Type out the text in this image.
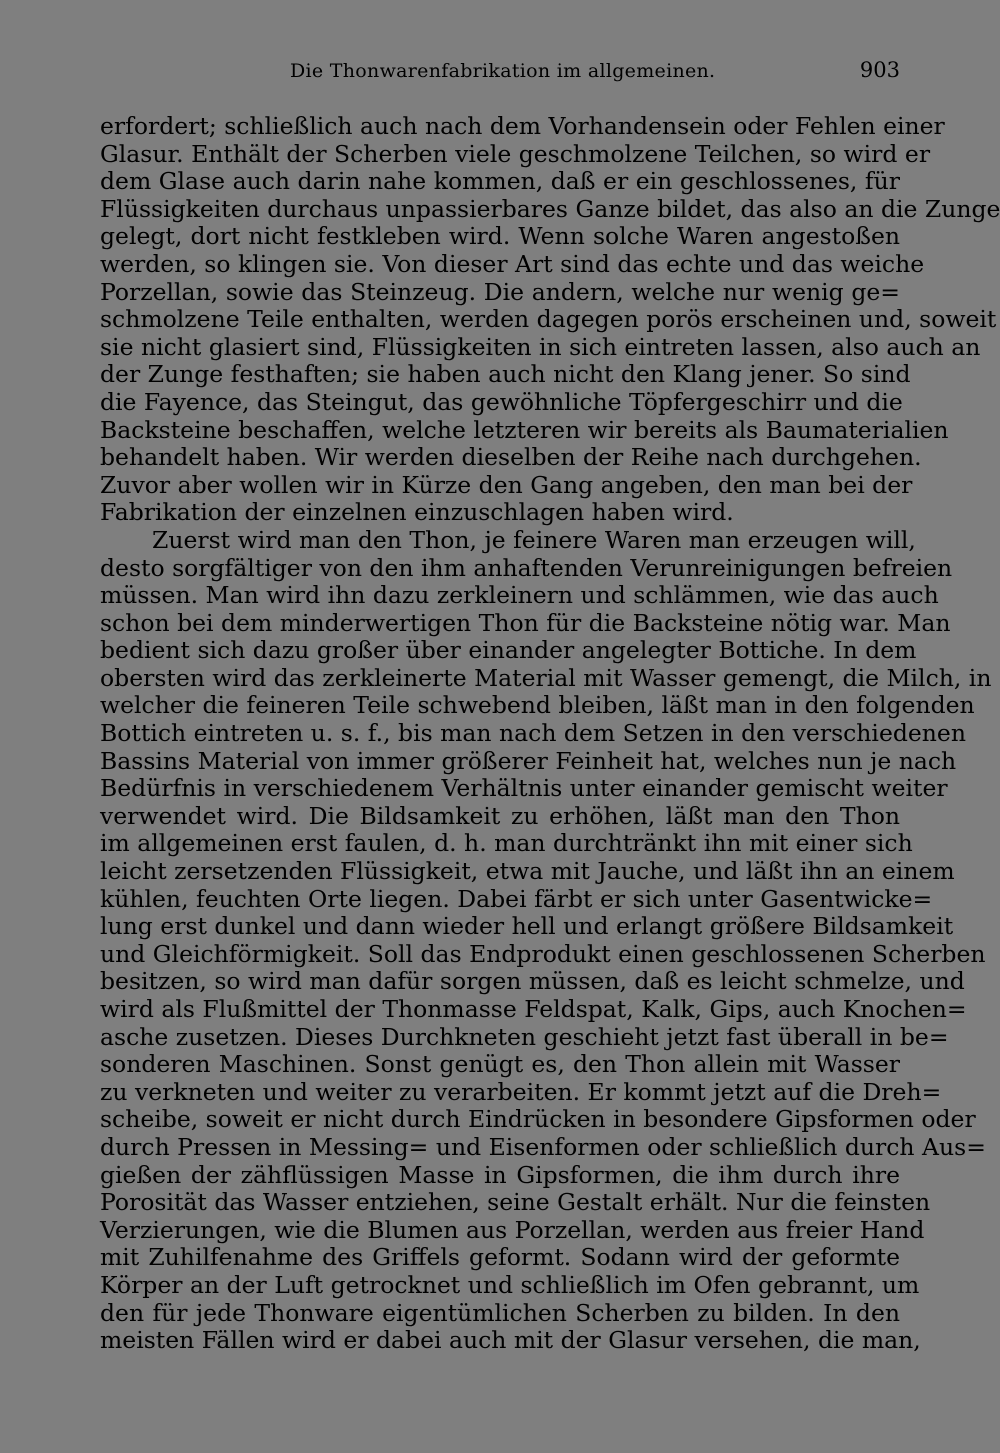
Die Thonwarenfabrikation im allgemeinen.	903
erfordert; schließlich auch nach dem Vorhandensein oder Fehlen einer
Glasur. Enthält der Scherben viele geschmolzene Teilchen, so wird er
dem Glase auch darin nahe kommen, daß er ein geschlossenes, für
Flüssigkeiten durchaus unpassierbares Ganze bildet, das also an die Zunge
gelegt, dort nicht festkleben wird. Wenn solche Waren angestoßen
werden, so klingen sie. Von dieser Art sind das echte und das weiche
Porzellan, sowie das Steinzeug. Die andern, welche nur wenig ge=
schmolzene Teile enthalten, werden dagegen porös erscheinen und, soweit
sie nicht glasiert sind, Flüssigkeiten in sich eintreten lassen, also auch an
der Zunge festhaften; sie haben auch nicht den Klang jener. So sind
die Fayence, das Steingut, das gewöhnliche Töpfergeschirr und die
Backsteine beschaffen, welche letzteren wir bereits als Baumaterialien
behandelt haben. Wir werden dieselben der Reihe nach durchgehen.
Zuvor aber wollen wir in Kürze den Gang angeben, den man bei der
Fabrikation der einzelnen einzuschlagen haben wird.
Zuerst wird man den Thon, je feinere Waren man erzeugen will,
desto sorgfältiger von den ihm anhaftenden Verunreinigungen befreien
müssen. Man wird ihn dazu zerkleinern und schlämmen, wie das auch
schon bei dem minderwertigen Thon für die Backsteine nötig war. Man
bedient sich dazu großer über einander angelegter Bottiche. In dem
obersten wird das zerkleinerte Material mit Wasser gemengt, die Milch, in
welcher die feineren Teile schwebend bleiben, läßt man in den folgenden
Bottich eintreten u. s. f., bis man nach dem Setzen in den verschiedenen
Bassins Material von immer größerer Feinheit hat, welches nun je nach
Bedürfnis in verschiedenem Verhältnis unter einander gemischt weiter
verwendet wird. Die Bildsamkeit zu erhöhen, läßt man den Thon
im allgemeinen erst faulen, d. h. man durchtränkt ihn mit einer sich
leicht zersetzenden Flüssigkeit, etwa mit Jauche, und läßt ihn an einem
kühlen, feuchten Orte liegen. Dabei färbt er sich unter Gasentwicke=
lung erst dunkel und dann wieder hell und erlangt größere Bildsamkeit
und Gleichförmigkeit. Soll das Endprodukt einen geschlossenen Scherben
besitzen, so wird man dafür sorgen müssen, daß es leicht schmelze, und
wird als Flußmittel der Thonmasse Feldspat, Kalk, Gips, auch Knochen=
asche zusetzen. Dieses Durchkneten geschieht jetzt fast überall in be=
sonderen Maschinen. Sonst genügt es, den Thon allein mit Wasser
zu verkneten und weiter zu verarbeiten. Er kommt jetzt auf die Dreh=
scheibe, soweit er nicht durch Eindrücken in besondere Gipsformen oder
durch Pressen in Messing= und Eisenformen oder schließlich durch Aus=
gießen der zähflüssigen Masse in Gipsformen, die ihm durch ihre
Porosität das Wasser entziehen, seine Gestalt erhält. Nur die feinsten
Verzierungen, wie die Blumen aus Porzellan, werden aus freier Hand
mit Zuhilfenahme des Griffels geformt. Sodann wird der geformte
Körper an der Luft getrocknet und schließlich im Ofen gebrannt, um
den für jede Thonware eigentümlichen Scherben zu bilden. In den
meisten Fällen wird er dabei auch mit der Glasur versehen, die man,
